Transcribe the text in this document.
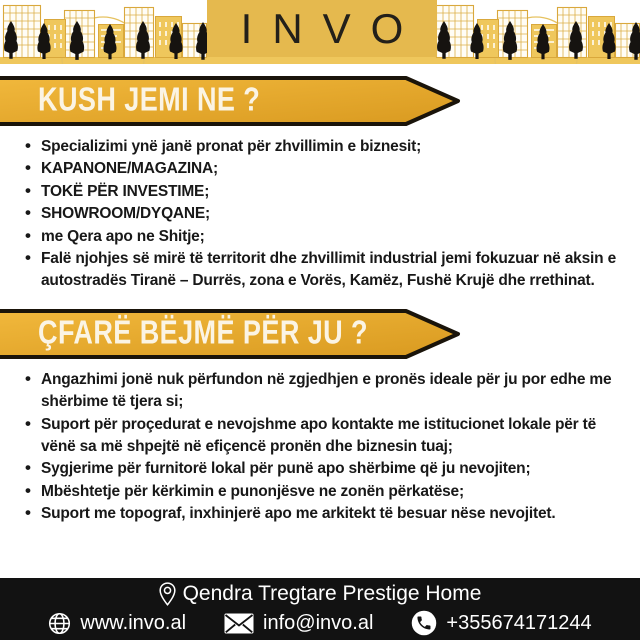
INVO
KUSH JEMI NE ?
• Specializimi ynë janë pronat për zhvillimin e biznesit;
• KAPANONE/MAGAZINA;
• TOKË PËR INVESTIME;
• SHOWROOM/DYQANE;
• me Qera apo ne Shitje;
• Falë njohjes së mirë të territorit dhe zhvillimit industrial jemi fokuzuar në aksin e autostradës Tiranë – Durrës, zona e Vorës, Kamëz, Fushë Krujë dhe rrethinat.
ÇFARË BËJMË PËR JU ?
• Angazhimi jonë nuk përfundon në zgjedhjen e pronës ideale për ju por edhe me shërbime të tjera si;
• Suport për proçedurat e nevojshme apo kontakte me istitucionet lokale për të vënë sa më shpejtë në efiçencë pronën dhe biznesin tuaj;
• Sygjerime për furnitorë lokal për punë apo shërbime që ju nevojiten;
• Mbështetje për kërkimin e punonjësve ne zonën përkatëse;
• Suport me topograf, inxhinjerë apo me arkitekt të besuar nëse nevojitet.
Qendra Tregtare Prestige Home
www.invo.al	info@invo.al	+355674171244
